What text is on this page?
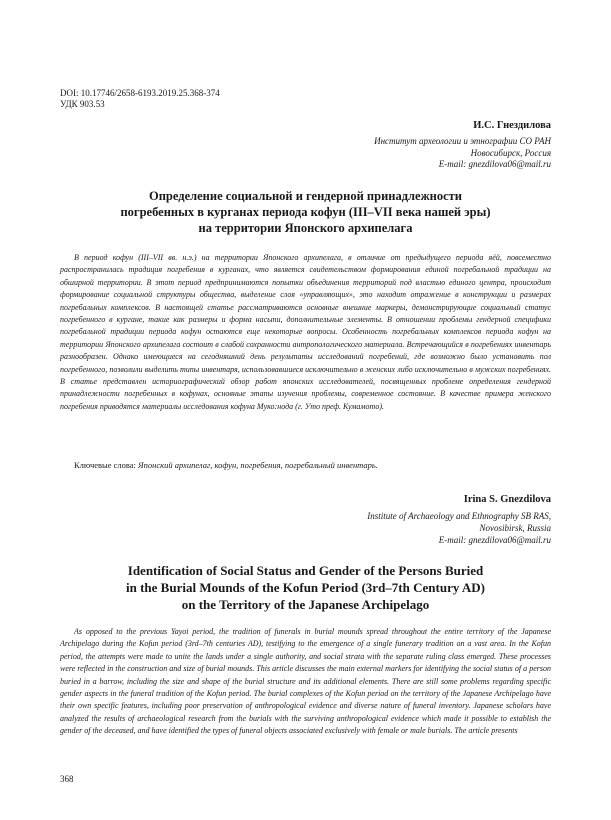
DOI: 10.17746/2658-6193.2019.25.368-374
УДК 903.53
И.С. Гнездилова
Институт археологии и этнографии СО РАН
Новосибирск, Россия
E-mail: gnezdilova06@mail.ru
Определение социальной и гендерной принадлежности
погребенных в курганах периода кофун (III–VII века нашей эры)
на территории Японского архипелага

В период кофун (III–VII вв. н.э.) на территории Японского архипелага, в отличие от предыдущего периода яёй, повсеместно распространилась традиция погребения в курганах, что является свидетельством формирования единой погребальной традиции на обширной территории. В этот период предпринимаются попытки объединения территорий под властью единого центра, происходит формирование социальной структуры общества, выделение слоя «управляющих», это находит отражение в конструкции и размерах погребальных комплексов. В настоящей статье рассматриваются основные внешние маркеры, демонстрирующие социальный статус погребенного в кургане, такие как размеры и форма насыпи, дополнительные элементы. В отношении проблемы гендерной специфики погребальной традиции периода кофун остаются еще некоторые вопросы. Особенность погребальных комплексов периода кофун на территории Японского архипелага состоит в слабой сохранности антропологического материала. Встречающийся в погребениях инвентарь разнообразен. Однако имеющиеся на сегодняшний день результаты исследований погребений, где возможно было установить пол погребенного, позволили выделить типы инвентаря, использовавшиеся исключительно в женских либо исключительно в мужских погребениях. В статье представлен историографический обзор работ японских исследователей, посвященных проблеме определения гендерной принадлежности погребенных в кофунах, основные этапы изучения проблемы, современное состояние. В качестве примера женского погребения приводятся материалы исследования кофуна Муко:нода (г. Уто преф. Кумамото).

Ключевые слова: Японский архипелаг, кофун, погребения, погребальный инвентарь.
Irina S. Gnezdilova
Institute of Archaeology and Ethnography SB RAS,
Novosibirsk, Russia
E-mail: gnezdilova06@mail.ru
Identification of Social Status and Gender of the Persons Buried
in the Burial Mounds of the Kofun Period (3rd–7th Century AD)
on the Territory of the Japanese Archipelago

As opposed to the previous Yayoi period, the tradition of funerals in burial mounds spread throughout the entire territory of the Japanese Archipelago during the Kofun period (3rd–7th centuries AD), testifying to the emergence of a single funerary tradition on a vast area. In the Kofun period, the attempts were made to unite the lands under a single authority, and social strata with the separate ruling class emerged. These processes were reflected in the construction and size of burial mounds. This article discusses the main external markers for identifying the social status of a person buried in a barrow, including the size and shape of the burial structure and its additional elements. There are still some problems regarding specific gender aspects in the funeral tradition of the Kofun period. The burial complexes of the Kofun period on the territory of the Japanese Archipelago have their own specific features, including poor preservation of anthropological evidence and diverse nature of funeral inventory. Japanese scholars have analyzed the results of archaeological research from the burials with the surviving anthropological evidence which made it possible to establish the gender of the deceased, and have identified the types of funeral objects associated exclusively with female or male burials. The article presents

368
